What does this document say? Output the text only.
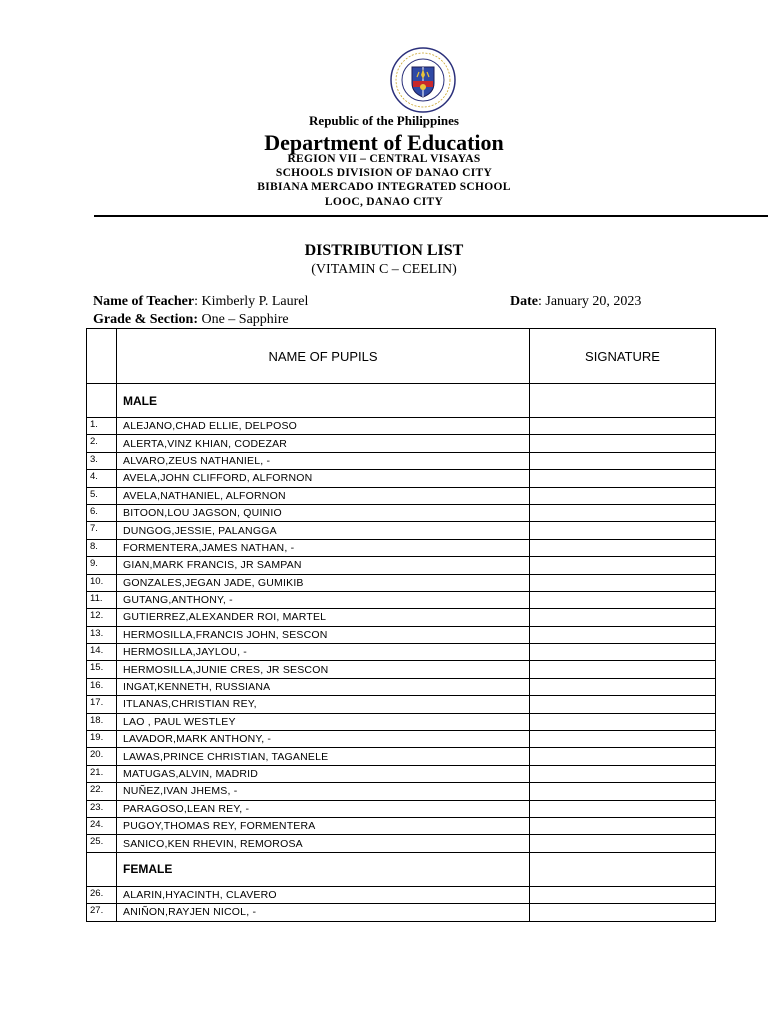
Republic of the Philippines
Department of Education
REGION VII – CENTRAL VISAYAS
SCHOOLS DIVISION OF DANAO CITY
BIBIANA MERCADO INTEGRATED SCHOOL
LOOC, DANAO CITY
DISTRIBUTION LIST
(VITAMIN C – CEELIN)
Name of Teacher: Kimberly P. Laurel	Date: January 20, 2023
Grade & Section: One – Sapphire
	NAME OF PUPILS	SIGNATURE
	MALE	
1.	ALEJANO,CHAD ELLIE, DELPOSO	
2.	ALERTA,VINZ KHIAN, CODEZAR	
3.	ALVARO,ZEUS NATHANIEL, -	
4.	AVELA,JOHN CLIFFORD, ALFORNON	
5.	AVELA,NATHANIEL, ALFORNON	
6.	BITOON,LOU JAGSON, QUINIO	
7.	DUNGOG,JESSIE, PALANGGA	
8.	FORMENTERA,JAMES NATHAN, -	
9.	GIAN,MARK FRANCIS, JR SAMPAN	
10.	GONZALES,JEGAN JADE, GUMIKIB	
11.	GUTANG,ANTHONY, -	
12.	GUTIERREZ,ALEXANDER ROI, MARTEL	
13.	HERMOSILLA,FRANCIS JOHN, SESCON	
14.	HERMOSILLA,JAYLOU, -	
15.	HERMOSILLA,JUNIE CRES, JR SESCON	
16.	INGAT,KENNETH, RUSSIANA	
17.	ITLANAS,CHRISTIAN REY,	
18.	LAO , PAUL WESTLEY	
19.	LAVADOR,MARK ANTHONY, -	
20.	LAWAS,PRINCE CHRISTIAN, TAGANELE	
21.	MATUGAS,ALVIN, MADRID	
22.	NUÑEZ,IVAN JHEMS, -	
23.	PARAGOSO,LEAN REY, -	
24.	PUGOY,THOMAS REY, FORMENTERA	
25.	SANICO,KEN RHEVIN, REMOROSA	
	FEMALE	
26.	ALARIN,HYACINTH, CLAVERO	
27.	ANIÑON,RAYJEN NICOL, -	
